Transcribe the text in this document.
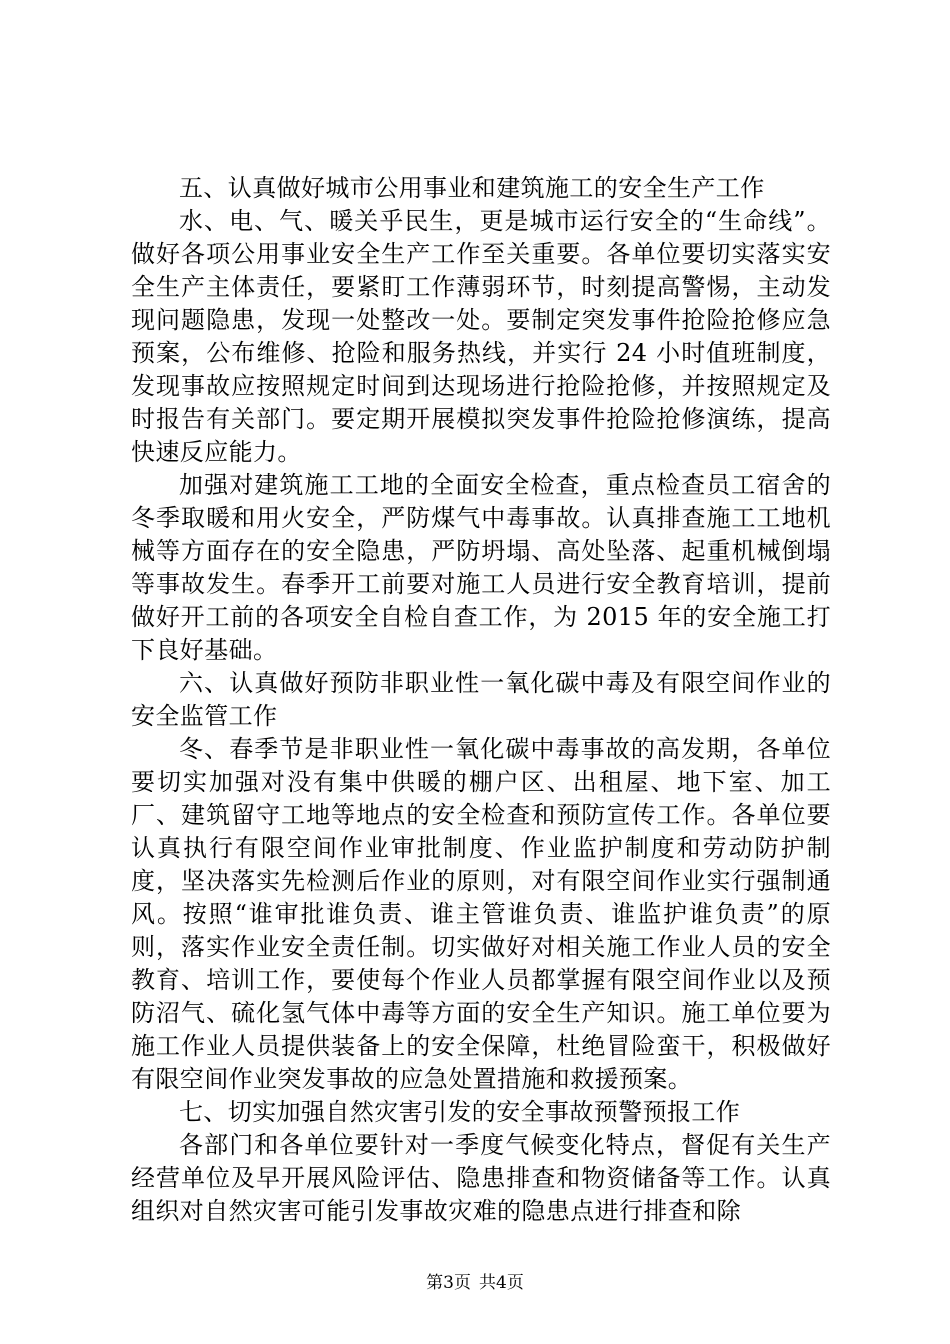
五、认真做好城市公用事业和建筑施工的安全生产工作

水、电、气、暖关乎民生，更是城市运行安全的“生命线”。做好各项公用事业安全生产工作至关重要。各单位要切实落实安全生产主体责任，要紧盯工作薄弱环节，时刻提高警惕，主动发现问题隐患，发现一处整改一处。要制定突发事件抢险抢修应急预案，公布维修、抢险和服务热线，并实行 24 小时值班制度，发现事故应按照规定时间到达现场进行抢险抢修，并按照规定及时报告有关部门。要定期开展模拟突发事件抢险抢修演练，提高快速反应能力。

加强对建筑施工工地的全面安全检查，重点检查员工宿舍的冬季取暖和用火安全，严防煤气中毒事故。认真排查施工工地机械等方面存在的安全隐患，严防坍塌、高处坠落、起重机械倒塌等事故发生。春季开工前要对施工人员进行安全教育培训，提前做好开工前的各项安全自检自查工作，为 2015 年的安全施工打下良好基础。

六、认真做好预防非职业性一氧化碳中毒及有限空间作业的安全监管工作

冬、春季节是非职业性一氧化碳中毒事故的高发期，各单位要切实加强对没有集中供暖的棚户区、出租屋、地下室、加工厂、建筑留守工地等地点的安全检查和预防宣传工作。各单位要认真执行有限空间作业审批制度、作业监护制度和劳动防护制度，坚决落实先检测后作业的原则，对有限空间作业实行强制通风。按照“谁审批谁负责、谁主管谁负责、谁监护谁负责”的原则，落实作业安全责任制。切实做好对相关施工作业人员的安全教育、培训工作，要使每个作业人员都掌握有限空间作业以及预防沼气、硫化氢气体中毒等方面的安全生产知识。施工单位要为施工作业人员提供装备上的安全保障，杜绝冒险蛮干，积极做好有限空间作业突发事故的应急处置措施和救援预案。

七、切实加强自然灾害引发的安全事故预警预报工作

各部门和各单位要针对一季度气候变化特点，督促有关生产经营单位及早开展风险评估、隐患排查和物资储备等工作。认真组织对自然灾害可能引发事故灾难的隐患点进行排查和除

第3页 共4页
